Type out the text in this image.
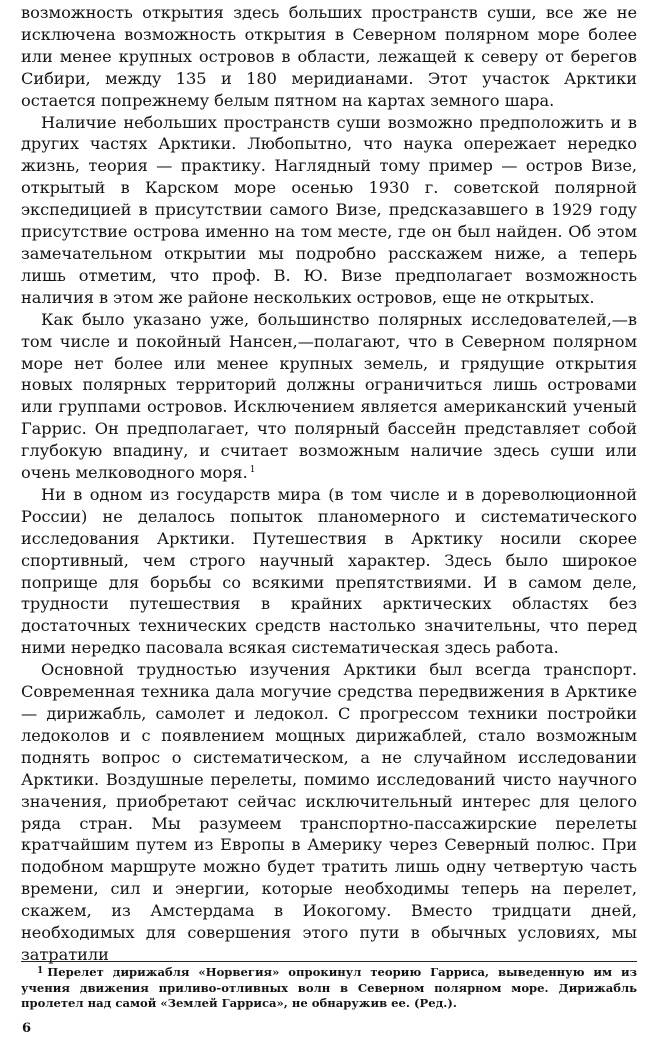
возможность открытия здесь больших пространств суши, все же не исключена возможность открытия в Северном полярном море более или менее крупных островов в области, лежащей к северу от берегов Сибири, между 135 и 180 меридианами. Этот участок Арктики остается попрежнему белым пятном на картах земного шара.

Наличие небольших пространств суши возможно предположить и в других частях Арктики. Любопытно, что наука опережает нередко жизнь, теория — практику. Наглядный тому пример — остров Визе, открытый в Карском море осенью 1930 г. советской полярной экспедицией в присутствии самого Визе, предсказавшего в 1929 году присутствие острова именно на том месте, где он был найден. Об этом замечательном открытии мы подробно расскажем ниже, а теперь лишь отметим, что проф. В. Ю. Визе предполагает возможность наличия в этом же районе нескольких островов, еще не открытых.

Как было указано уже, большинство полярных исследователей,—в том числе и покойный Нансен,—полагают, что в Северном полярном море нет более или менее крупных земель, и грядущие открытия новых полярных территорий должны ограничиться лишь островами или группами островов. Исключением является американский ученый Гаррис. Он предполагает, что полярный бассейн представляет собой глубокую впадину, и считает возможным наличие здесь суши или очень мелководного моря. $^1$

Ни в одном из государств мира (в том числе и в дореволюционной России) не делалось попыток планомерного и систематического исследования Арктики. Путешествия в Арктику носили скорее спортивный, чем строго научный характер. Здесь было широкое поприще для борьбы со всякими препятствиями. И в самом деле, трудности путешествия в крайних арктических областях без достаточных технических средств настолько значительны, что перед ними нередко пасовала всякая систематическая здесь работа.

Основной трудностью изучения Арктики был всегда транспорт. Современная техника дала могучие средства передвижения в Арктике — дирижабль, самолет и ледокол. С прогрессом техники постройки ледоколов и с появлением мощных дирижаблей, стало возможным поднять вопрос о систематическом, а не случайном исследовании Арктики. Воздушные перелеты, помимо исследований чисто научного значения, приобретают сейчас исключительный интерес для целого ряда стран. Мы разумеем транспортно-пассажирские перелеты кратчайшим путем из Европы в Америку через Северный полюс. При подобном маршруте можно будет тратить лишь одну четвертую часть времени, сил и энергии, которые необходимы теперь на перелет, скажем, из Амстердама в Иокогому. Вместо тридцати дней, необходимых для совершения этого пути в обычных условиях, мы затратили

$^1$ Перелет дирижабля «Норвегия» опрокинул теорию Гарриса, выведенную им из учения движения приливо-отливных волн в Северном полярном море. Дирижабль пролетел над самой «Землей Гарриса», не обнаружив ее. (Ред.).

6
